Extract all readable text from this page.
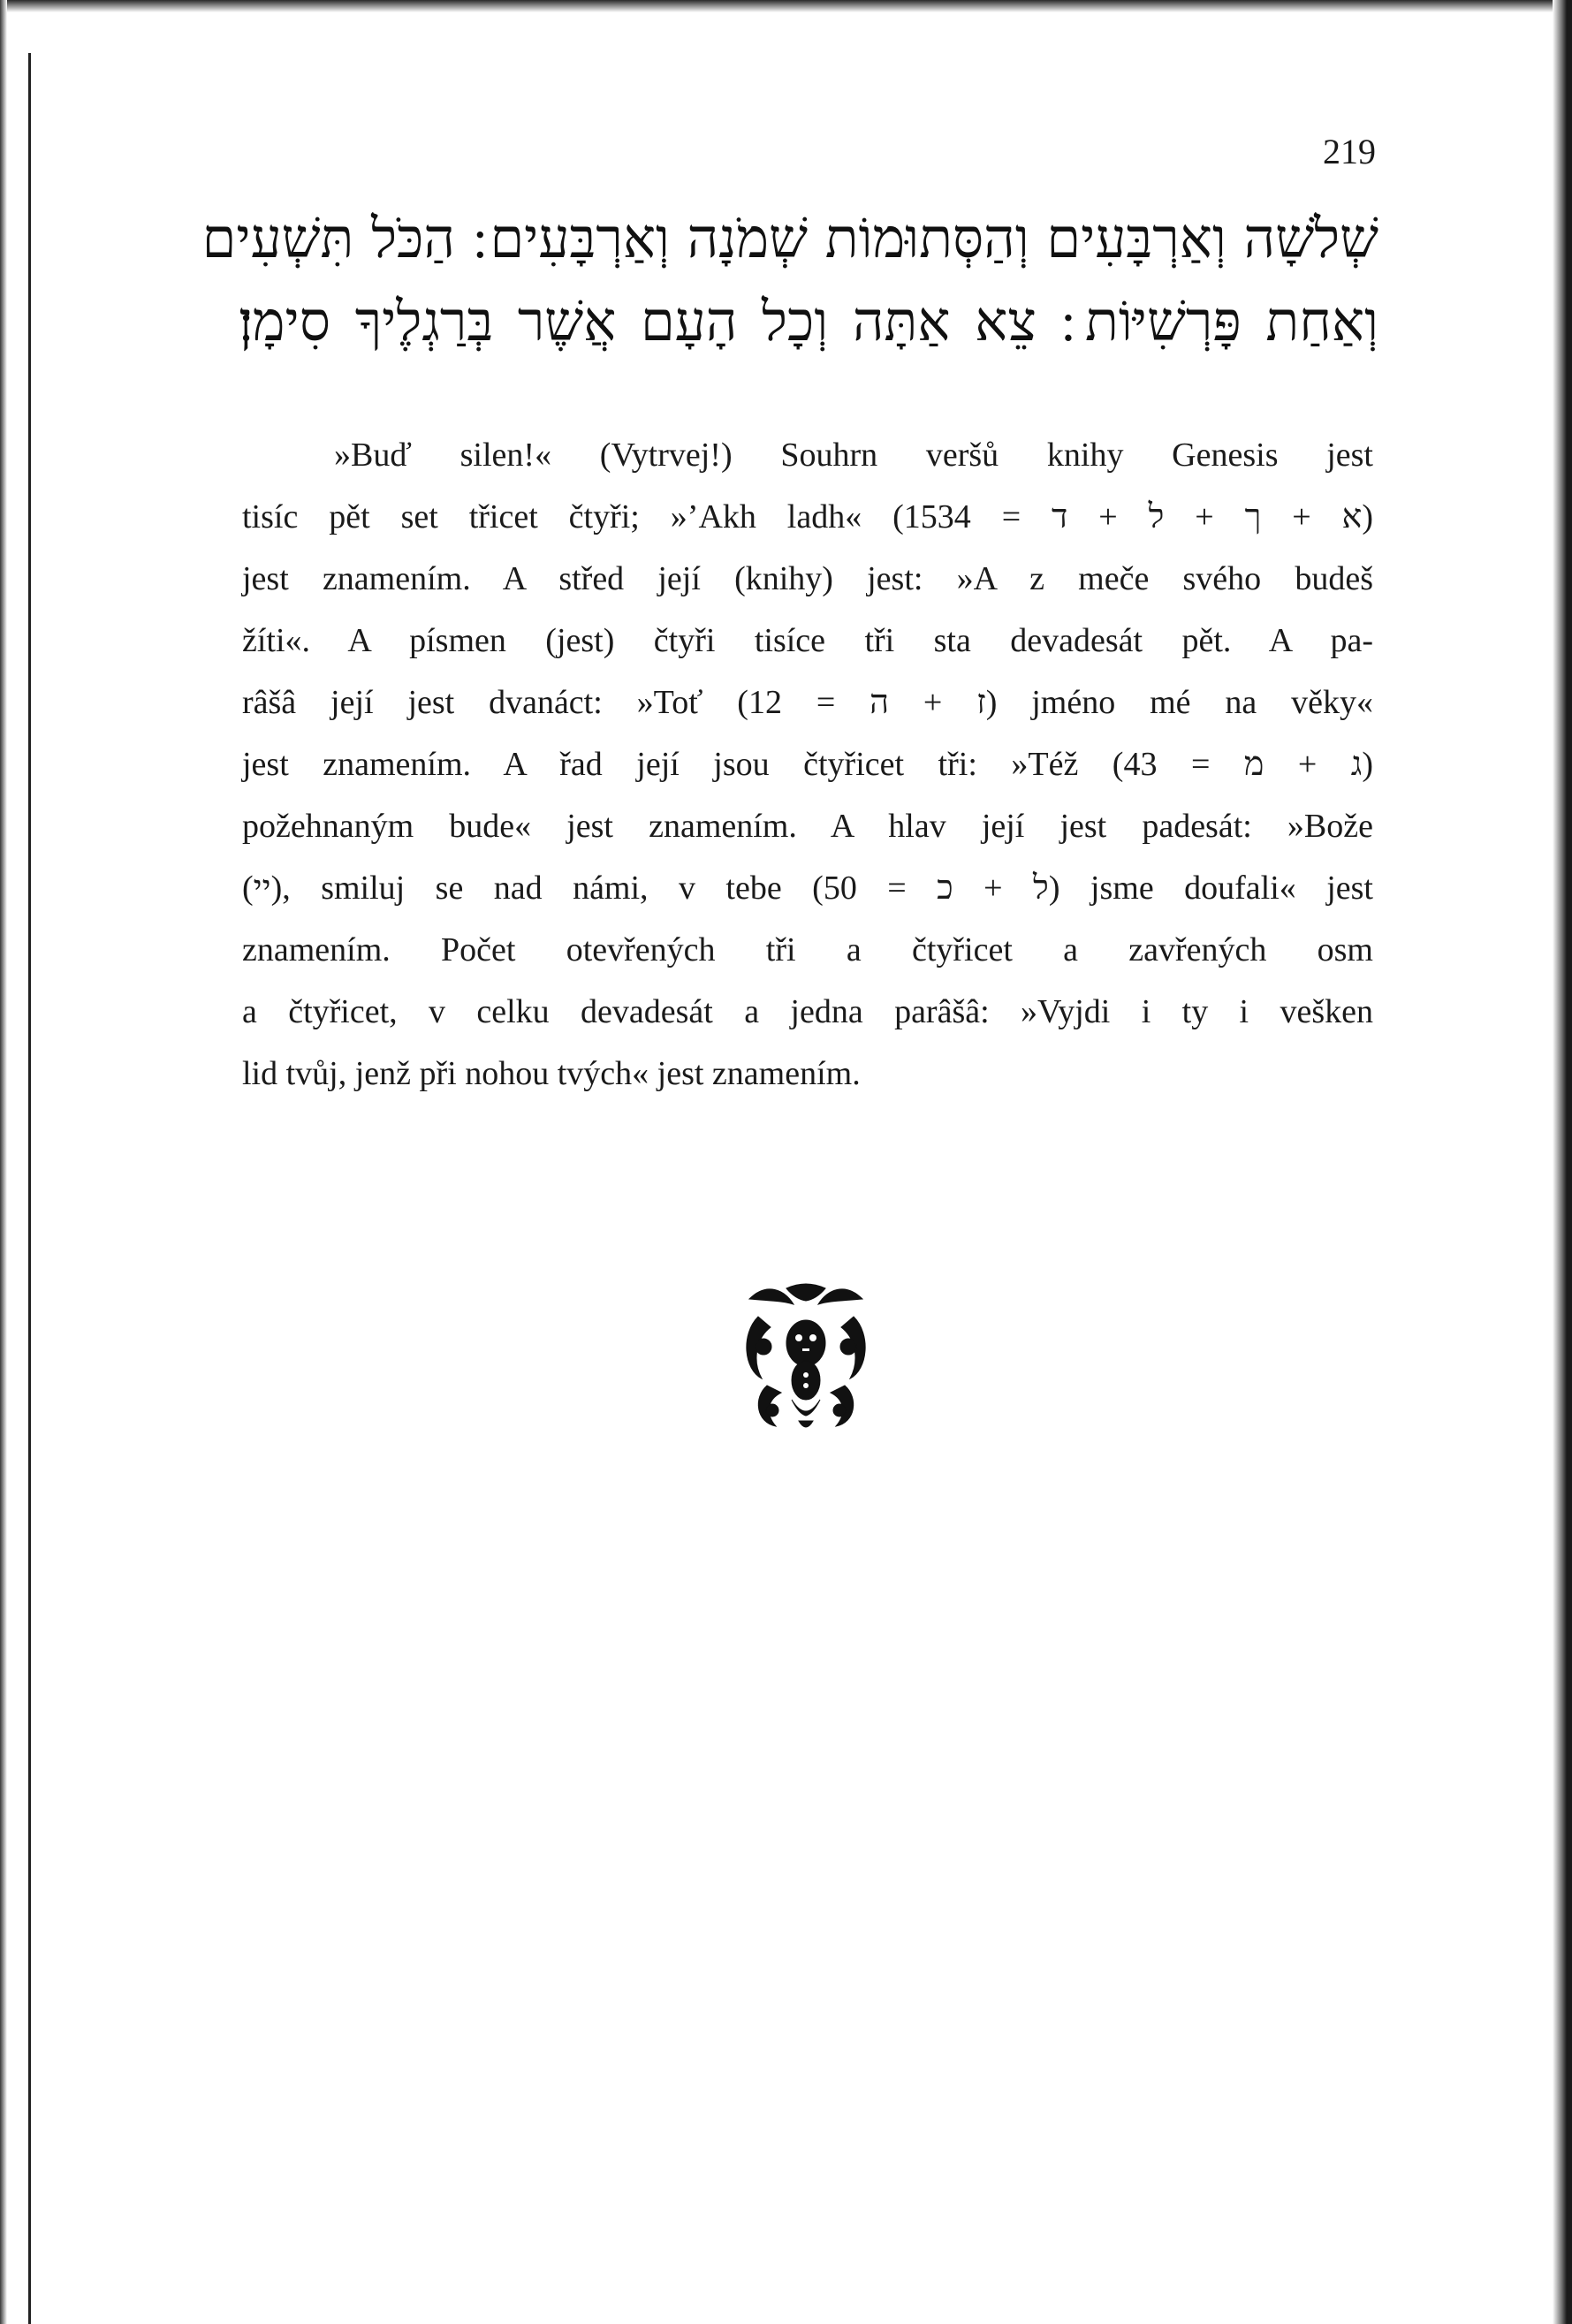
219
שְׁלֹשָׁה וְאַרְבָּעִים וְהַסְּתוּמוֹת שְׁמֹנָה וְאַרְבָּעִים ׃ הַכֹּל תִּשְׁעִים
וְאַחַת פָּרְשִׁיּוֹת ׃ צֵא אַתָּה וְכָל הָעָם אֲשֶׁר בְּרַגְלֶיךָ סִימָן׃
»Buď silen!« (Vytrvej!) Souhrn veršů knihy Genesis jest
tisíc pět set třicet čtyři; »’Akh ladh« (א + ך + ל + ד = 1534)
jest znamením. A střed její (knihy) jest: »A z meče svého budeš
žíti«. A písmen (jest) čtyři tisíce tři sta devadesát pět. A pa-
râšâ její jest dvanáct: »Toť (ז + ה = 12) jméno mé na věky«
jest znamením. A řad její jsou čtyřicet tři: »Též (ג + מ = 43)
požehnaným bude« jest znamením. A hlav její jest padesát: »Bože
(יי), smiluj se nad námi, v tebe (ל + כ = 50) jsme doufali« jest
znamením. Počet otevřených tři a čtyřicet a zavřených osm
a čtyřicet, v celku devadesát a jedna parâšâ: »Vyjdi i ty i vešken
lid tvůj, jenž při nohou tvých« jest znamením.
